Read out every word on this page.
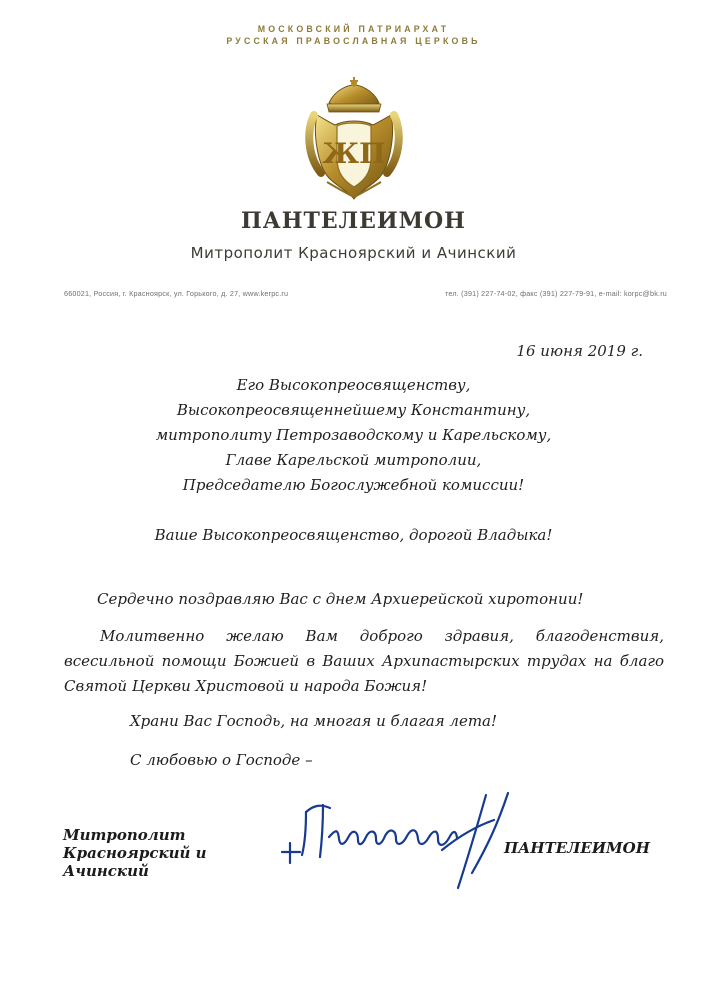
МОСКОВСКИЙ ПАТРИАРХАТ
РУССКАЯ ПРАВОСЛАВНАЯ ЦЕРКОВЬ
ЖП
ПАНТЕЛЕИМОН
Митрополит Красноярский и Ачинский
660021, Россия, г. Красноярск, ул. Горького, д. 27, www.kerpc.ru	тел. (391) 227-74-02, факс (391) 227-79-91, e-mail: korpc@bk.ru
16 июня 2019 г.
Его Высокопреосвященству,
Высокопреосвященнейшему Константину,
митрополиту Петрозаводскому и Карельскому,
Главе Карельской митрополии,
Председателю Богослужебной комиссии!
Ваше Высокопреосвященство, дорогой Владыка!
Сердечно поздравляю Вас с днем Архиерейской хиротонии!
Молитвенно желаю Вам доброго здравия, благоденствия, всесильной помощи Божией в Ваших Архипастырских трудах на благо Святой Церкви Христовой и народа Божия!
Храни Вас Господь, на многая и благая лета!
С любовью о Господе –
Митрополит
Красноярский и Ачинский
ПАНТЕЛЕИМОН
